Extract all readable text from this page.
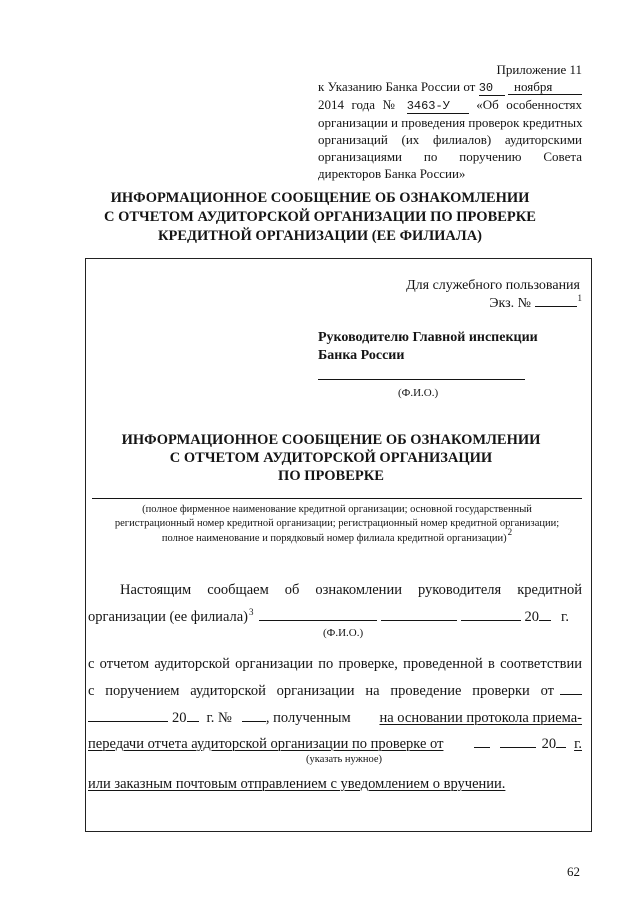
Приложение 11
к Указанию Банка России от 30 ноября
2014 года № 3463-У «Об особенностях
организации и проведения проверок кредитных
организаций (их филиалов) аудиторскими
организациями по поручению Совета
директоров Банка России»
ИНФОРМАЦИОННОЕ СООБЩЕНИЕ ОБ ОЗНАКОМЛЕНИИ
С ОТЧЕТОМ АУДИТОРСКОЙ ОРГАНИЗАЦИИ ПО ПРОВЕРКЕ
КРЕДИТНОЙ ОРГАНИЗАЦИИ (ЕЕ ФИЛИАЛА)
Для служебного пользования
Экз. №	$^1$
Руководителю Главной инспекции
Банка России
(Ф.И.О.)
ИНФОРМАЦИОННОЕ СООБЩЕНИЕ ОБ ОЗНАКОМЛЕНИИ
С ОТЧЕТОМ АУДИТОРСКОЙ ОРГАНИЗАЦИИ
ПО ПРОВЕРКЕ
(полное фирменное наименование кредитной организации; основной государственный
регистрационный номер кредитной организации; регистрационный номер кредитной организации;
полное наименование и порядковый номер филиала кредитной организации)2
Настоящим сообщаем об ознакомлении руководителя кредитной
организации (ее филиала) 3	20 г.
(Ф.И.О.)
с отчетом аудиторской организации по проверке, проведенной в соответствии
с поручением аудиторской организации на проведение проверки от
20 г. № , полученным на основании протокола приема-
передачи отчета аудиторской организации по проверке от	20 г.
(указать нужное)
или заказным почтовым отправлением с уведомлением о вручении.
62
